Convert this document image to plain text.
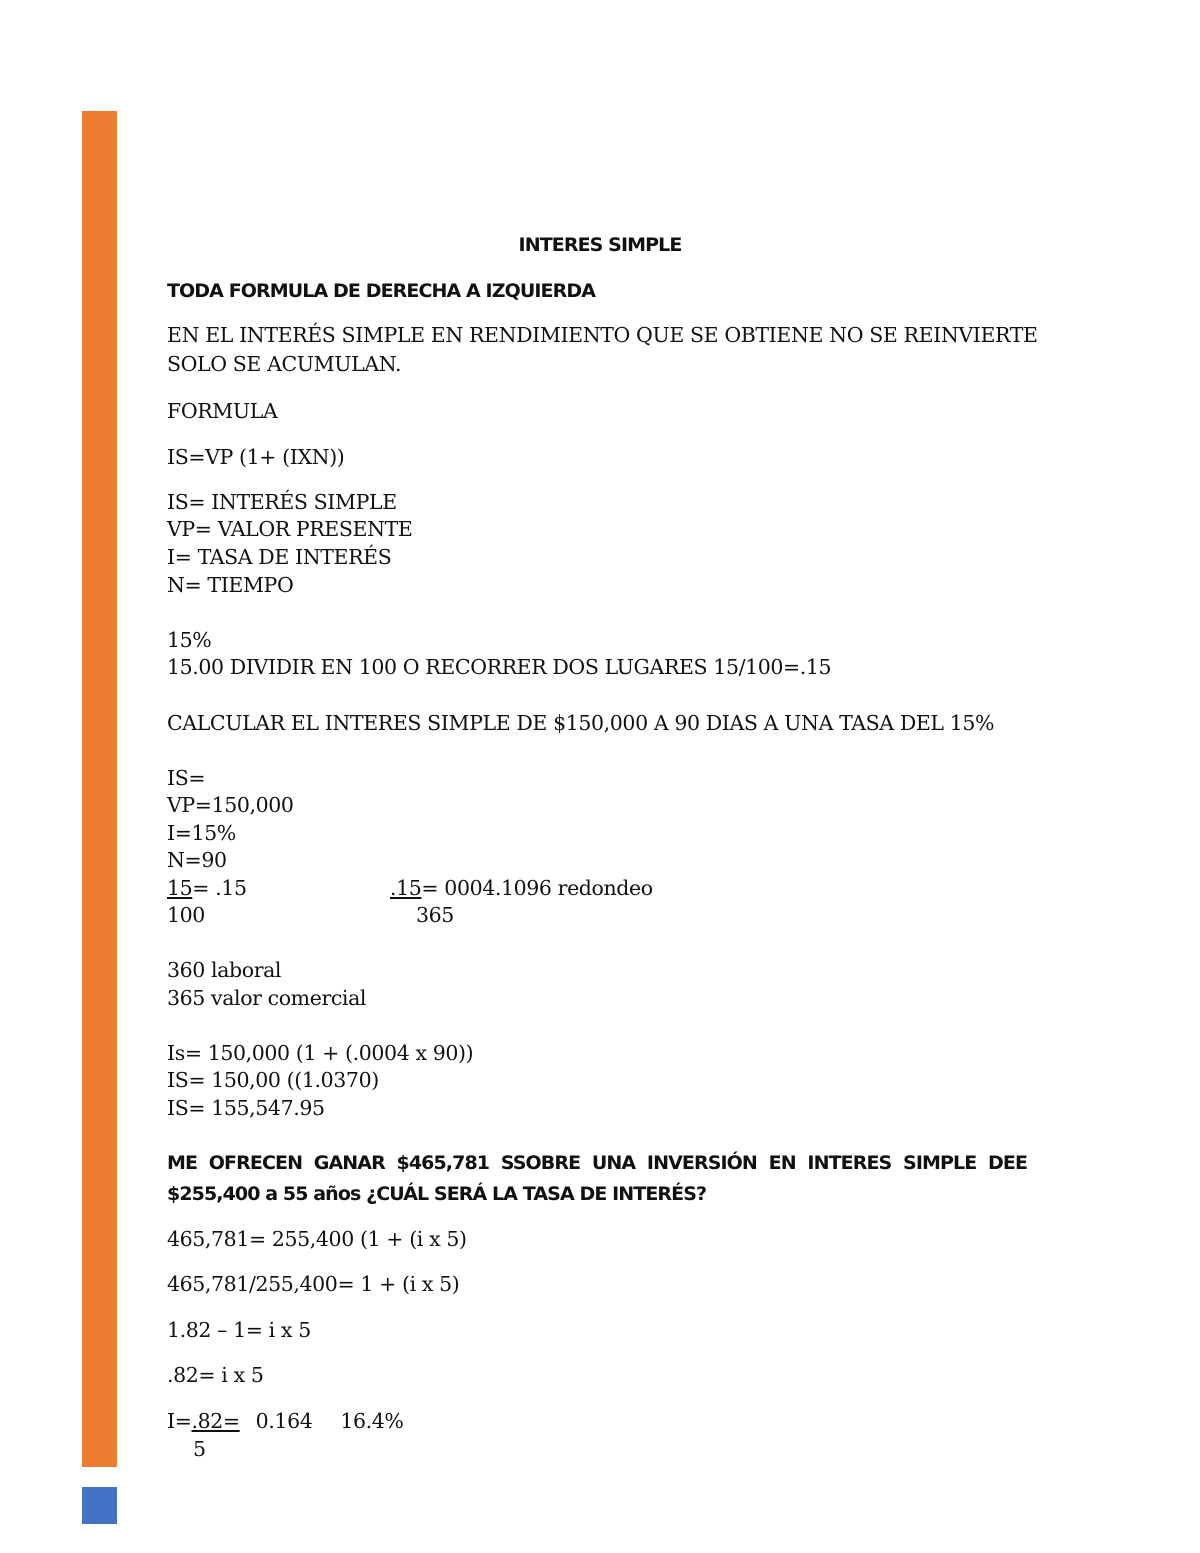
INTERES SIMPLE

TODA FORMULA DE DERECHA A IZQUIERDA

EN EL INTERÉS SIMPLE EN RENDIMIENTO QUE SE OBTIENE NO SE REINVIERTE

SOLO SE ACUMULAN.

FORMULA

IS=VP (1+ (IXN))

IS= INTERÉS SIMPLE

VP= VALOR PRESENTE

I= TASA DE INTERÉS

N= TIEMPO

15%

15.00 DIVIDIR EN 100 O RECORRER DOS LUGARES 15/100=.15

CALCULAR EL INTERES SIMPLE DE $150,000 A 90 DIAS A UNA TASA DEL 15%

IS=

VP=150,000

I=15%

N=90

15= .15	.15= 0004.1096 redondeo

100	365

360 laboral

365 valor comercial

Is= 150,000 (1 + (.0004 x 90))

IS= 150,00 ((1.0370)

IS= 155,547.95

ME OFRECEN GANAR $465,781 SSOBRE UNA INVERSIÓN EN INTERES SIMPLE DEE

$255,400 a 55 años ¿CUÁL SERÁ LA TASA DE INTERÉS?

465,781= 255,400 (1 + (i x 5)

465,781/255,400= 1 + (i x 5)

1.82 – 1= i x 5

.82= i x 5

I=.82= 0.164 16.4%

5
